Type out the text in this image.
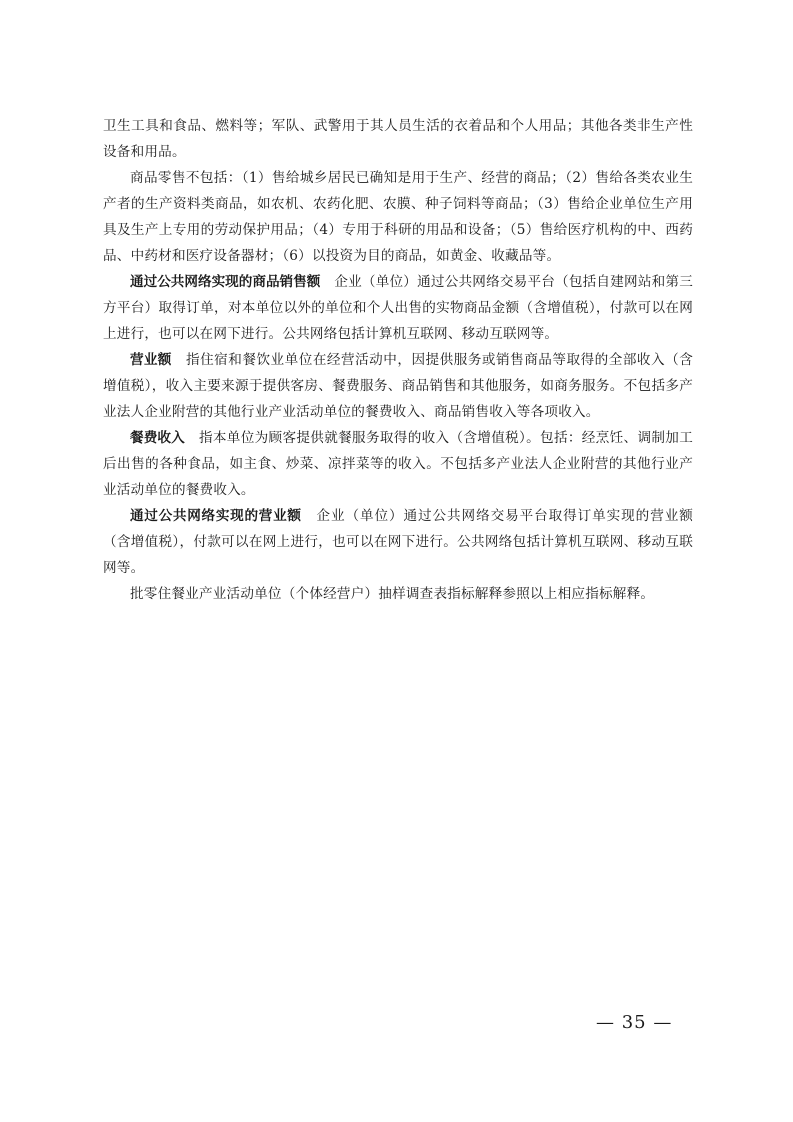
卫生工具和食品、燃料等；军队、武警用于其人员生活的衣着品和个人用品；其他各类非生产性设备和用品。

商品零售不包括：（1）售给城乡居民已确知是用于生产、经营的商品；（2）售给各类农业生产者的生产资料类商品，如农机、农药化肥、农膜、种子饲料等商品；（3）售给企业单位生产用具及生产上专用的劳动保护用品；（4）专用于科研的用品和设备；（5）售给医疗机构的中、西药品、中药材和医疗设备器材；（6）以投资为目的商品，如黄金、收藏品等。

通过公共网络实现的商品销售额 企业（单位）通过公共网络交易平台（包括自建网站和第三方平台）取得订单，对本单位以外的单位和个人出售的实物商品金额（含增值税），付款可以在网上进行，也可以在网下进行。公共网络包括计算机互联网、移动互联网等。

营业额 指住宿和餐饮业单位在经营活动中，因提供服务或销售商品等取得的全部收入（含增值税），收入主要来源于提供客房、餐费服务、商品销售和其他服务，如商务服务。不包括多产业法人企业附营的其他行业产业活动单位的餐费收入、商品销售收入等各项收入。

餐费收入 指本单位为顾客提供就餐服务取得的收入（含增值税）。包括：经烹饪、调制加工后出售的各种食品，如主食、炒菜、凉拌菜等的收入。不包括多产业法人企业附营的其他行业产业活动单位的餐费收入。

通过公共网络实现的营业额 企业（单位）通过公共网络交易平台取得订单实现的营业额（含增值税），付款可以在网上进行，也可以在网下进行。公共网络包括计算机互联网、移动互联网等。

批零住餐业产业活动单位（个体经营户）抽样调查表指标解释参照以上相应指标解释。

— 35 —
